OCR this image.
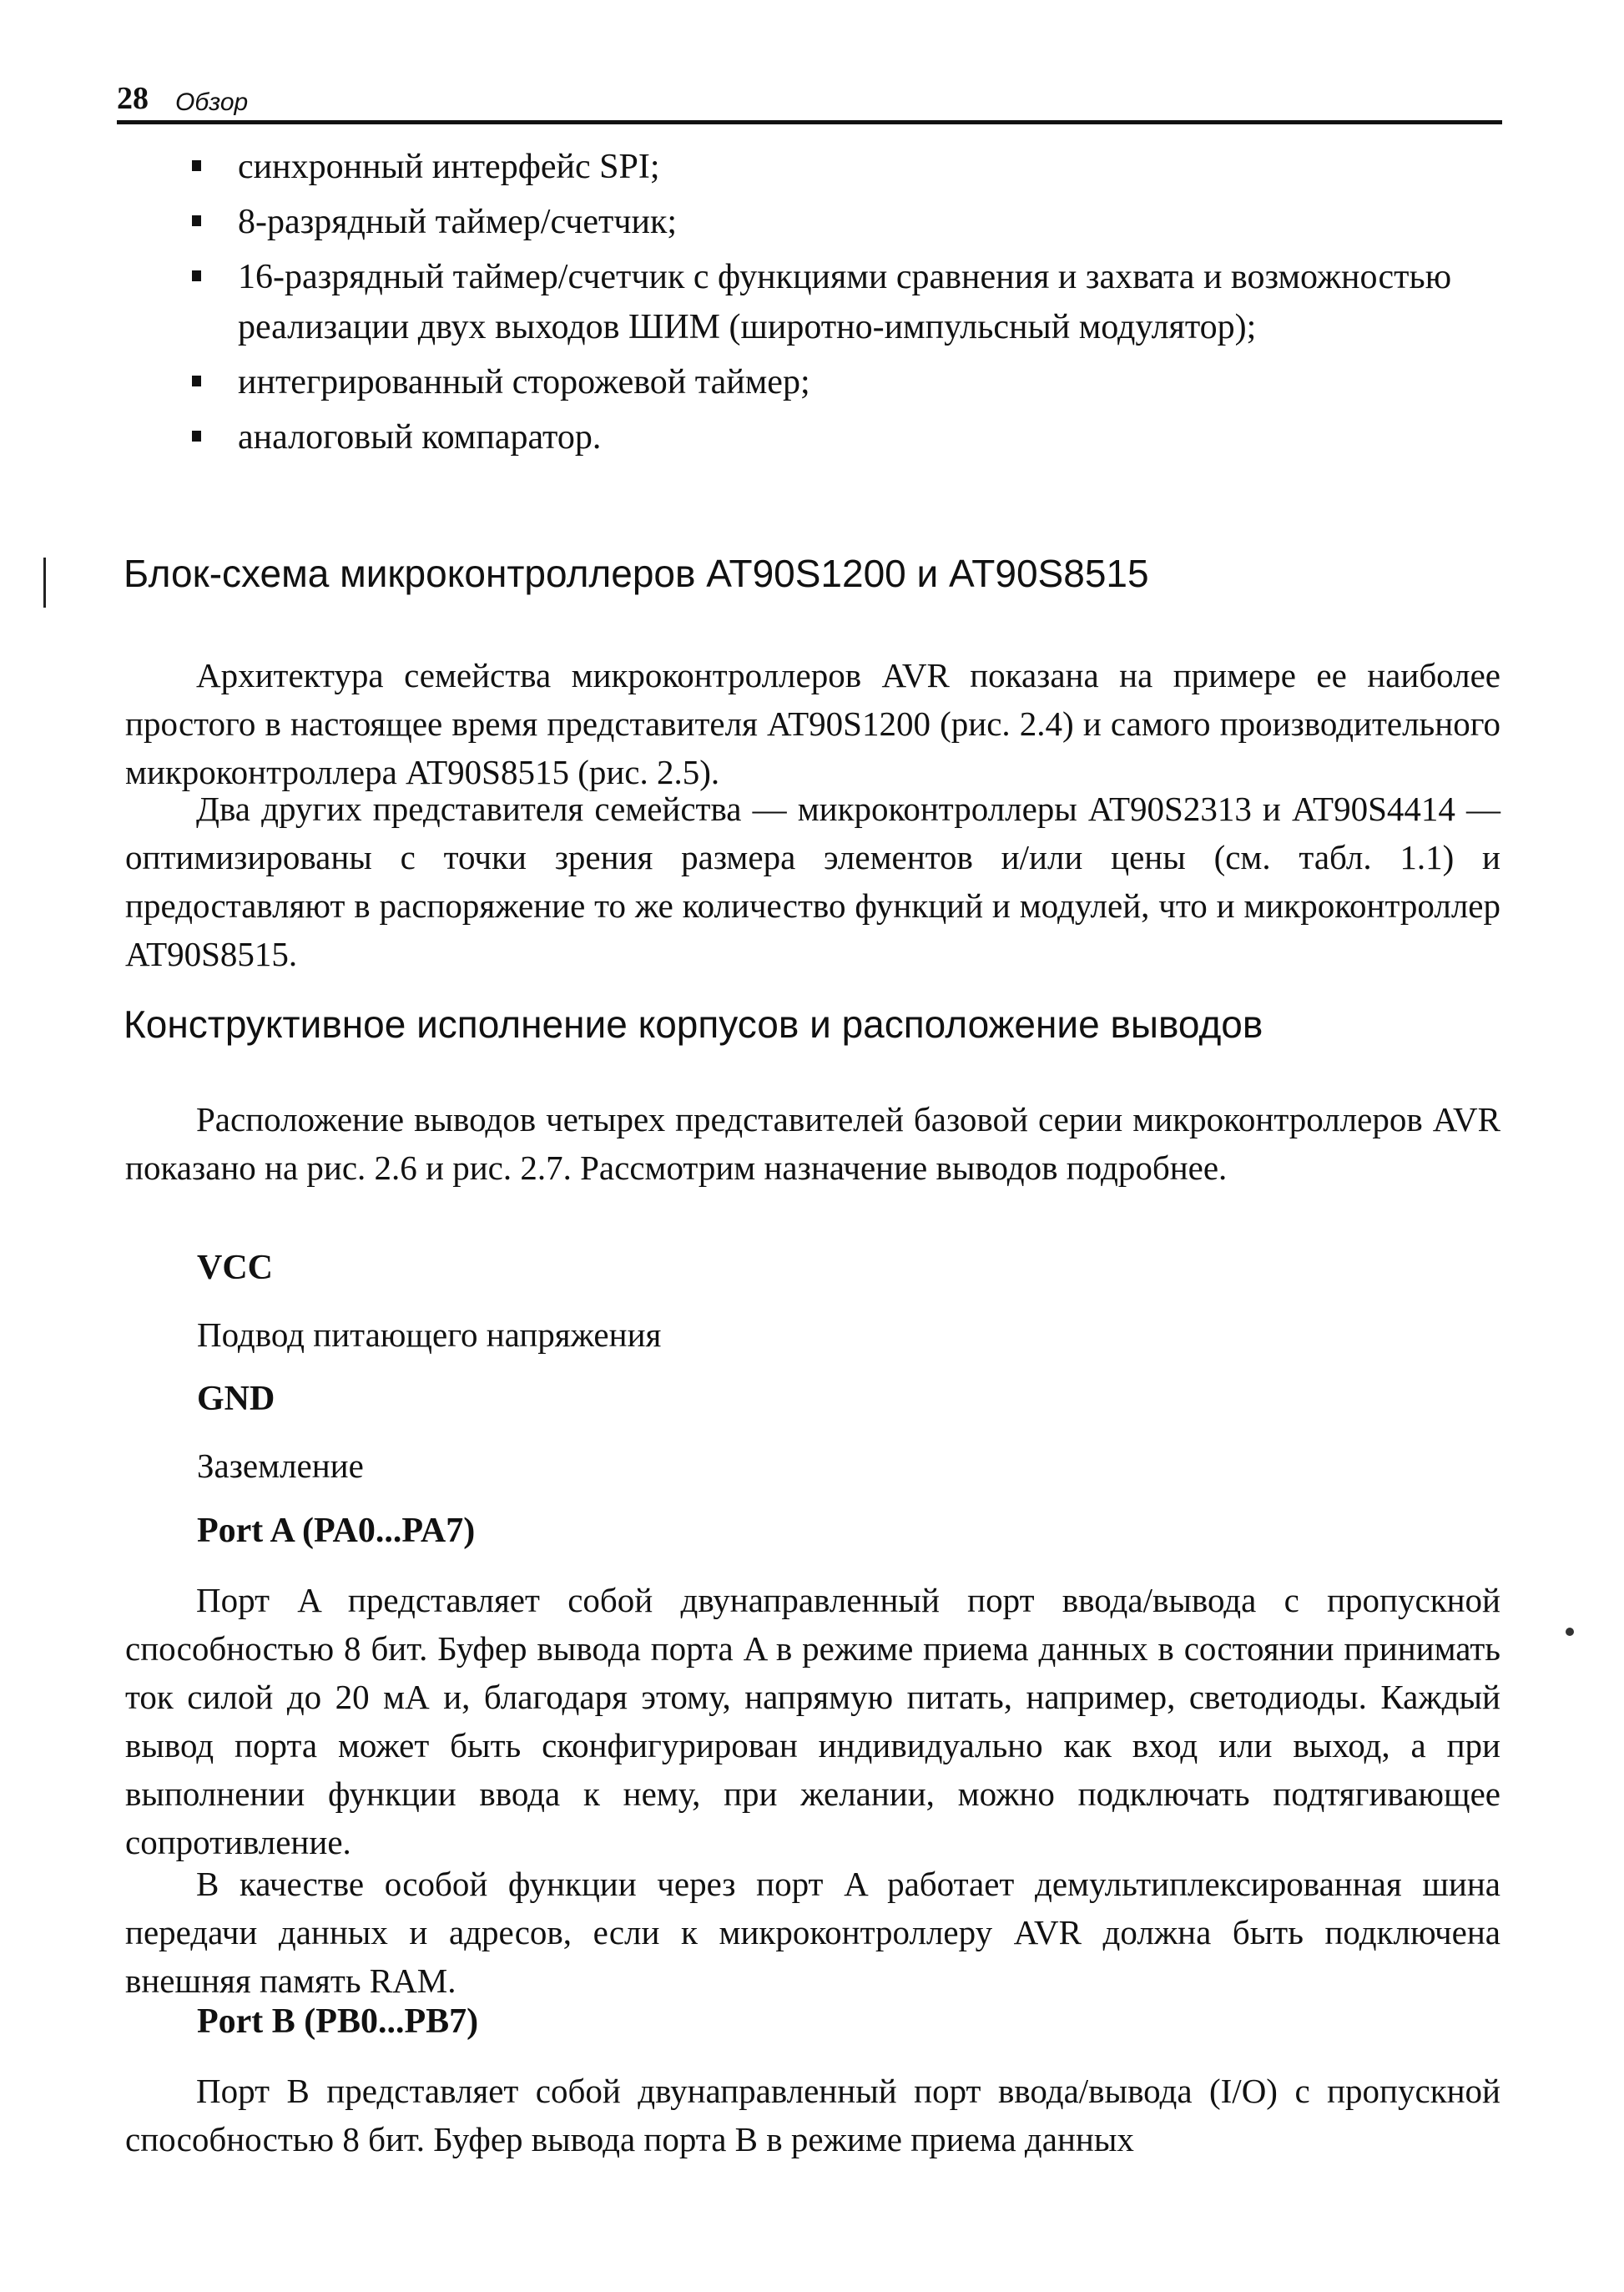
28 Обзор
синхронный интерфейс SPI;
8-разрядный таймер/счетчик;
16-разрядный таймер/счетчик с функциями сравнения и захвата и возможностью реализации двух выходов ШИМ (широтно-импульсный модулятор);
интегрированный сторожевой таймер;
аналоговый компаратор.
Блок-схема микроконтроллеров AT90S1200 и AT90S8515

Архитектура семейства микроконтроллеров AVR показана на примере ее наиболее простого в настоящее время представителя AT90S1200 (рис. 2.4) и самого производительного микроконтроллера AT90S8515 (рис. 2.5).

Два других представителя семейства — микроконтроллеры AT90S2313 и AT90S4414 — оптимизированы с точки зрения размера элементов и/или цены (см. табл. 1.1) и предоставляют в распоряжение то же количество функций и модулей, что и микроконтроллер AT90S8515.

Конструктивное исполнение корпусов и расположение выводов

Расположение выводов четырех представителей базовой серии микроконтроллеров AVR показано на рис. 2.6 и рис. 2.7. Рассмотрим назначение выводов подробнее.

VCC

Подвод питающего напряжения

GND

Заземление

Port A (PA0...PA7)

Порт A представляет собой двунаправленный порт ввода/вывода с пропускной способностью 8 бит. Буфер вывода порта A в режиме приема данных в состоянии принимать ток силой до 20 мА и, благодаря этому, напрямую питать, например, светодиоды. Каждый вывод порта может быть сконфигурирован индивидуально как вход или выход, а при выполнении функции ввода к нему, при желании, можно подключать подтягивающее сопротивление.

В качестве особой функции через порт A работает демультиплексированная шина передачи данных и адресов, если к микроконтроллеру AVR должна быть подключена внешняя память RAM.

Port B (PB0...PB7)

Порт B представляет собой двунаправленный порт ввода/вывода (I/O) с пропускной способностью 8 бит. Буфер вывода порта B в режиме приема данных
